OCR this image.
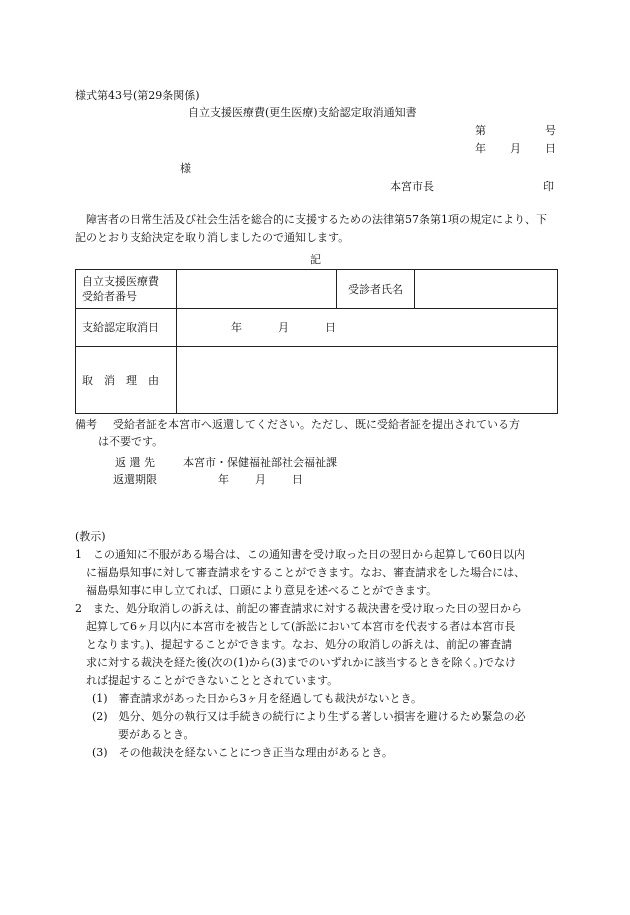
様式第43号(第29条関係)
自立支援医療費(更生医療)支給認定取消通知書
第	号
年 月 日
様
本宮市長	印
障害者の日常生活及び社会生活を総合的に支援するための法律第57条第1項の規定により、下記のとおり支給決定を取り消しましたので通知します。
記
自立支援医療費
受給者番号		受診者氏名	
支給認定取消日	年 月 日		
取　消　理　由			
備考 受給者証を本宮市へ返還してください。ただし、既に受給者証を提出されている方
は不要です。
返 還 先	本宮市・保健福祉部社会福祉課
返還期限	年 月 日
(教示)
1　この通知に不服がある場合は、この通知書を受け取った日の翌日から起算して60日以内
に福島県知事に対して審査請求をすることができます。なお、審査請求をした場合には、
福島県知事に申し立てれば、口頭により意見を述べることができます。
2　また、処分取消しの訴えは、前記の審査請求に対する裁決書を受け取った日の翌日から
起算して6ヶ月以内に本宮市を被告として(訴訟において本宮市を代表する者は本宮市長
となります。)、提起することができます。なお、処分の取消しの訴えは、前記の審査請
求に対する裁決を経た後(次の(1)から(3)までのいずれかに該当するときを除く。)でなけ
れば提起することができないこととされています。
(1)　審査請求があった日から3ヶ月を経過しても裁決がないとき。
(2)　処分、処分の執行又は手続きの続行により生ずる著しい損害を避けるため緊急の必
要があるとき。
(3)　その他裁決を経ないことにつき正当な理由があるとき。
